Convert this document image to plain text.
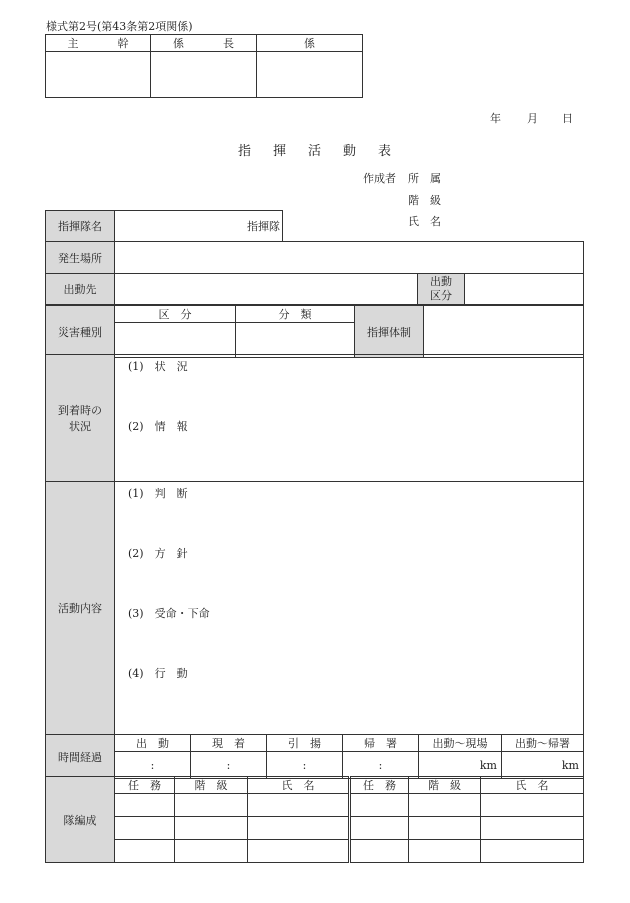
様式第2号(第43条第2項関係)
主　幹	係　長	係

年 月 日
指 揮 活 動 表
作成者 所　属
階　級
氏　名
指揮隊名	指揮隊
発生場所			
出動先		出動
区分	

災害種別	区　分	分　類	指揮体制	

到着時の
状況

(1)　状　況
(2)　情　報
活動内容	
(1)　判　断
(2)　方　針
(3)　受命・下命
(4)　行　動
時間経過	出　動	現　着	引　揚	帰　署	出動～現場	出動～帰署
	:	:	:	:	km	km
隊編成	任　務	階　級	氏　名	任　務	階　級	氏　名
